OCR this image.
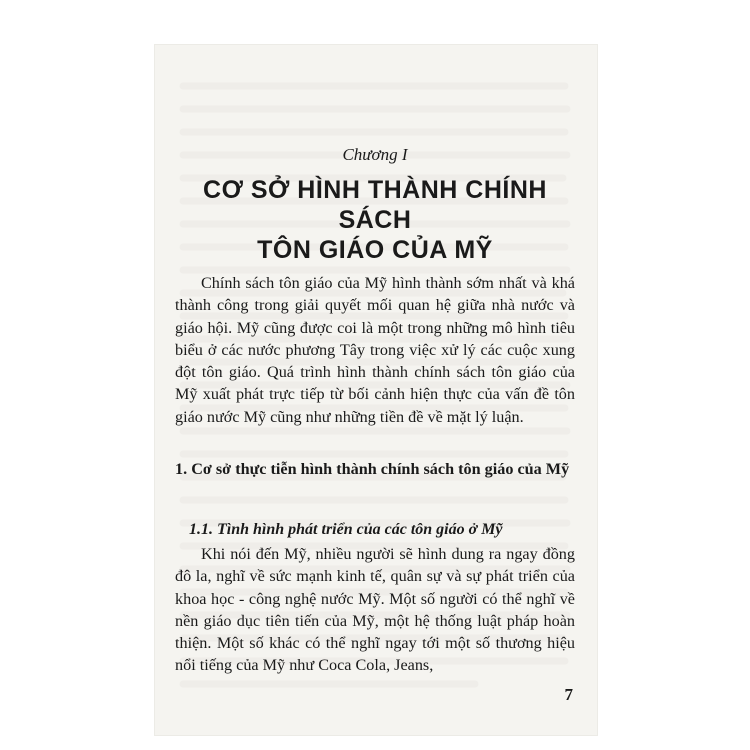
Chương I
CƠ SỞ HÌNH THÀNH CHÍNH SÁCH
TÔN GIÁO CỦA MỸ

Chính sách tôn giáo của Mỹ hình thành sớm nhất và khá thành công trong giải quyết mối quan hệ giữa nhà nước và giáo hội. Mỹ cũng được coi là một trong những mô hình tiêu biểu ở các nước phương Tây trong việc xử lý các cuộc xung đột tôn giáo. Quá trình hình thành chính sách tôn giáo của Mỹ xuất phát trực tiếp từ bối cảnh hiện thực của vấn đề tôn giáo nước Mỹ cũng như những tiền đề về mặt lý luận.

1. Cơ sở thực tiễn hình thành chính sách tôn giáo của Mỹ
1.1. Tình hình phát triển của các tôn giáo ở Mỹ

Khi nói đến Mỹ, nhiều người sẽ hình dung ra ngay đồng đô la, nghĩ về sức mạnh kinh tế, quân sự và sự phát triển của khoa học - công nghệ nước Mỹ. Một số người có thể nghĩ về nền giáo dục tiên tiến của Mỹ, một hệ thống luật pháp hoàn thiện. Một số khác có thể nghĩ ngay tới một số thương hiệu nổi tiếng của Mỹ như Coca Cola, Jeans,

7
